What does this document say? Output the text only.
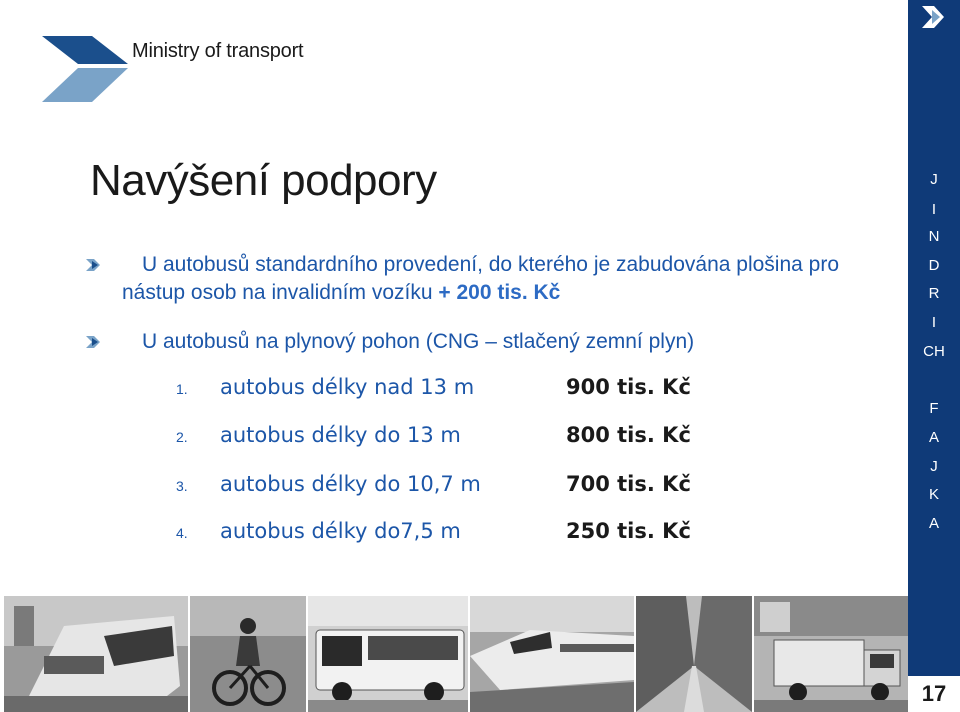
Ministry of transport
Navýšení podpory
U autobusů standardního provedení, do kterého je zabudována plošina pro nástup osob na invalidním vozíku + 200 tis. Kč
U autobusů na plynový pohon (CNG – stlačený zemní plyn)
1. autobus délky nad 13 m	900 tis. Kč
2. autobus délky do 13 m	800 tis. Kč
3. autobus délky do 10,7 m	700 tis. Kč
4. autobus délky do7,5 m	250 tis. Kč
J
I
N
D
R
I
CH
F
A
J
K
A
17
